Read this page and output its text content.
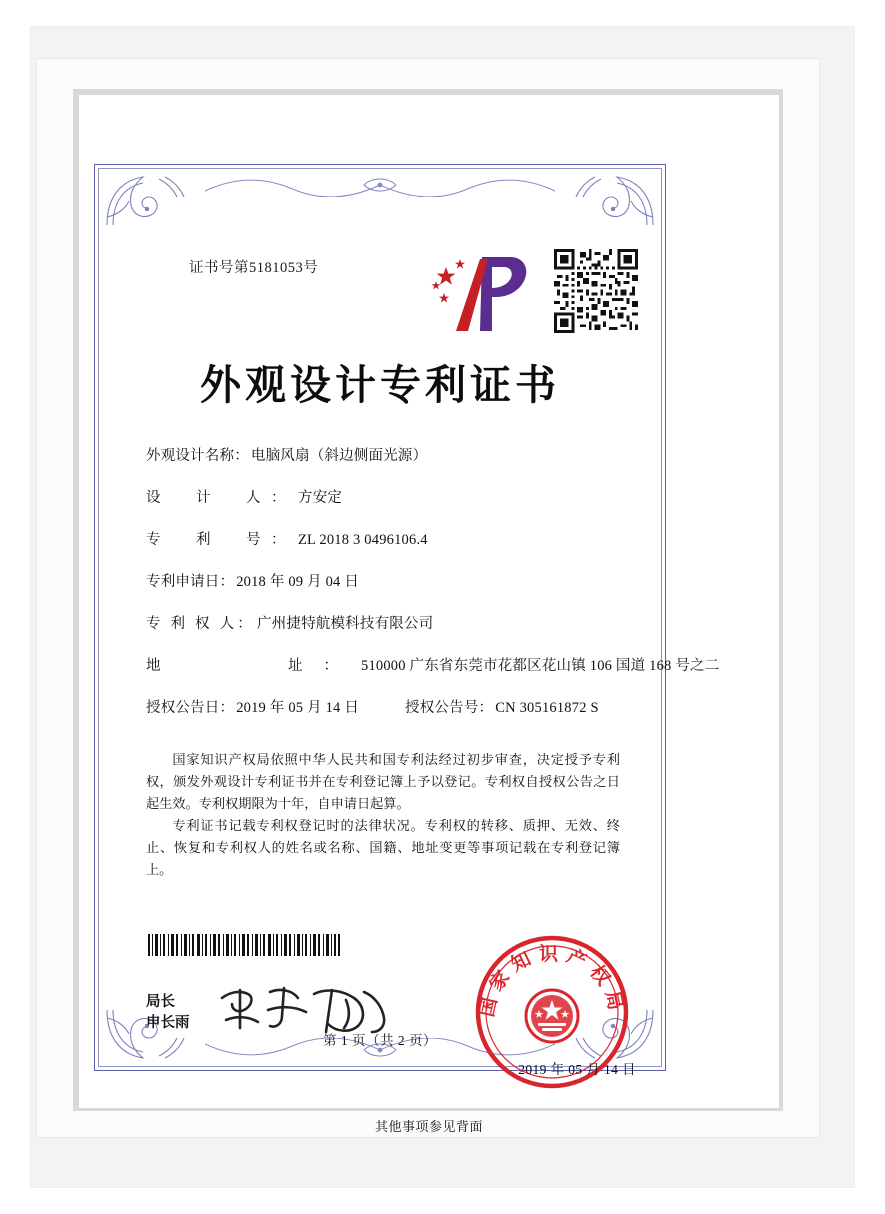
证书号第5181053号
外观设计专利证书
外观设计名称： 电脑风扇（斜边侧面光源）
设　计　人： 方安定
专　利　号： ZL 2018 3 0496106.4
专利申请日： 2018 年 09 月 04 日
专 利 权 人： 广州捷特航模科技有限公司
地　　　址： 510000 广东省东莞市花都区花山镇 106 国道 168 号之二
授权公告日： 2019 年 05 月 14 日	授权公告号： CN 305161872 S

国家知识产权局依照中华人民共和国专利法经过初步审查，决定授予专利权，颁发外观设计专利证书并在专利登记簿上予以登记。专利权自授权公告之日起生效。专利权期限为十年，自申请日起算。

专利证书记载专利权登记时的法律状况。专利权的转移、质押、无效、终止、恢复和专利权人的姓名或名称、国籍、地址变更等事项记载在专利登记簿上。

局长
申长雨
国家知识产权局
2019 年 05 月 14 日
第 1 页（共 2 页）
其他事项参见背面
